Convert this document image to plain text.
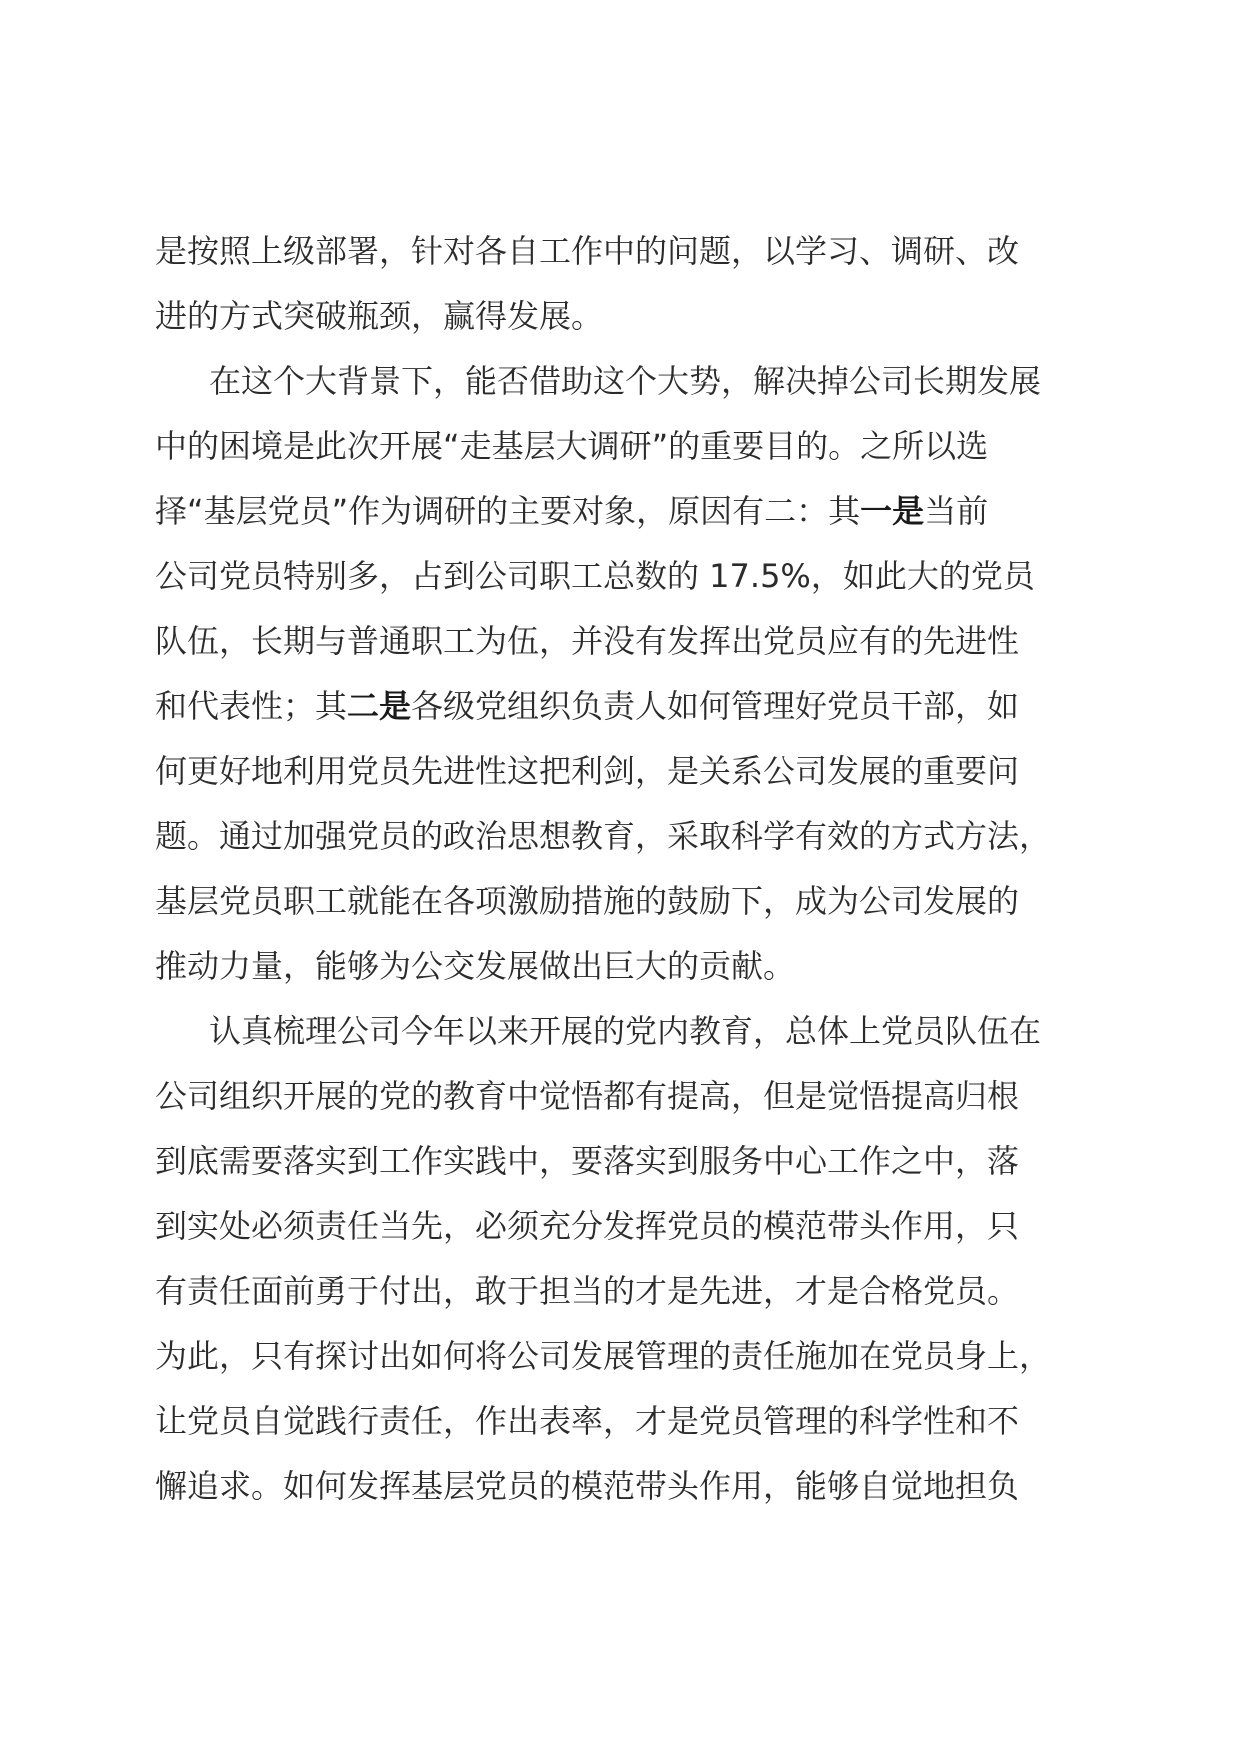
是按照上级部署，针对各自工作中的问题，以学习、调研、改
进的方式突破瓶颈，赢得发展。
在这个大背景下，能否借助这个大势，解决掉公司长期发展
中的困境是此次开展“走基层大调研”的重要目的。之所以选
择“基层党员”作为调研的主要对象，原因有二：其一是当前
公司党员特别多，占到公司职工总数的 17.5%，如此大的党员
队伍，长期与普通职工为伍，并没有发挥出党员应有的先进性
和代表性；其二是各级党组织负责人如何管理好党员干部，如
何更好地利用党员先进性这把利剑，是关系公司发展的重要问
题。通过加强党员的政治思想教育，采取科学有效的方式方法，
基层党员职工就能在各项激励措施的鼓励下，成为公司发展的
推动力量，能够为公交发展做出巨大的贡献。
认真梳理公司今年以来开展的党内教育，总体上党员队伍在
公司组织开展的党的教育中觉悟都有提高，但是觉悟提高归根
到底需要落实到工作实践中，要落实到服务中心工作之中，落
到实处必须责任当先，必须充分发挥党员的模范带头作用，只
有责任面前勇于付出，敢于担当的才是先进，才是合格党员。
为此，只有探讨出如何将公司发展管理的责任施加在党员身上，
让党员自觉践行责任，作出表率，才是党员管理的科学性和不
懈追求。如何发挥基层党员的模范带头作用，能够自觉地担负
